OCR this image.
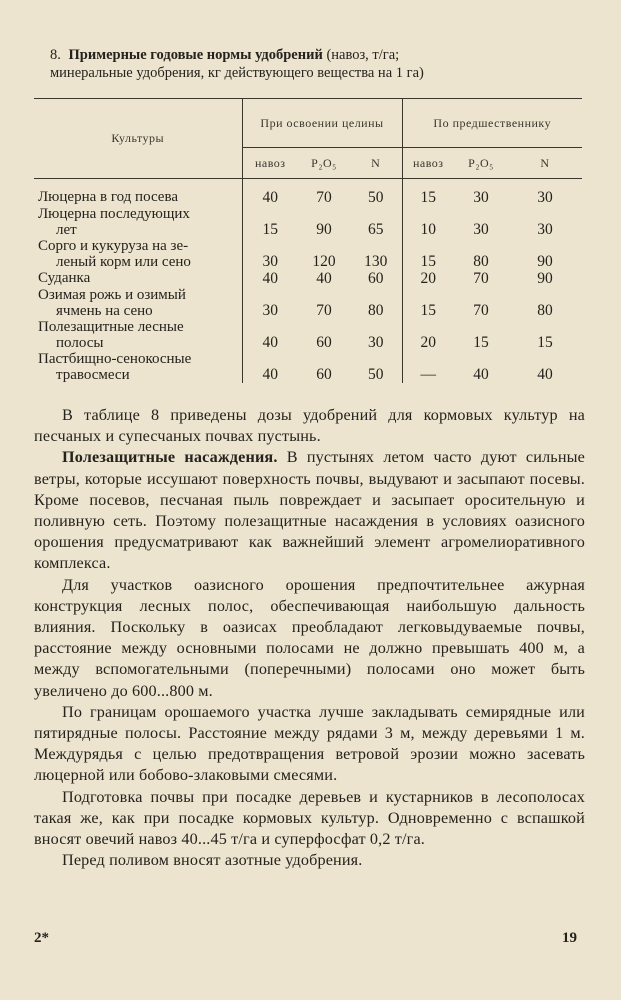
8. Примерные годовые нормы удобрений (навоз, т/га;
минеральные удобрения, кг действующего вещества на 1 га)
Культуры	При освоении целины			По предшественнику		
	навоз	P₂O₅	N	навоз	P₂O₅	N
Люцерна в год посева	40	70	50	15	30	30
Люцерна последующих
лет	15	90	65	10	30	30
Сорго и кукуруза на зе-
леный корм или сено	30	120	130	15	80	90
Суданка	40	40	60	20	70	90
Озимая рожь и озимый
ячмень на сено	30	70	80	15	70	80
Полезащитные лесные
полосы	40	60	30	20	15	15
Пастбищно-сенокосные
травосмеси	40	60	50	—	40	40

В таблице 8 приведены дозы удобрений для кормовых культур на песчаных и супесчаных почвах пустынь.

Полезащитные насаждения. В пустынях летом часто дуют сильные ветры, которые иссушают поверхность почвы, выдувают и засыпают посевы. Кроме посевов, песчаная пыль повреждает и засыпает оросительную и поливную сеть. Поэтому полезащитные насаждения в условиях оазисного орошения предусматривают как важнейший элемент агромелиоративного комплекса.

Для участков оазисного орошения предпочтительнее ажурная конструкция лесных полос, обеспечивающая наибольшую дальность влияния. Поскольку в оазисах преобладают легковыдуваемые почвы, расстояние между основными полосами не должно превышать 400 м, а между вспомогательными (поперечными) полосами оно может быть увеличено до 600...800 м.

По границам орошаемого участка лучше закладывать семирядные или пятирядные полосы. Расстояние между рядами 3 м, между деревьями 1 м. Междурядья с целью предотвращения ветровой эрозии можно засевать люцерной или бобово-злаковыми смесями.

Подготовка почвы при посадке деревьев и кустарников в лесополосах такая же, как при посадке кормовых культур. Одновременно с вспашкой вносят овечий навоз 40...45 т/га и суперфосфат 0,2 т/га.

Перед поливом вносят азотные удобрения.

2*	19
